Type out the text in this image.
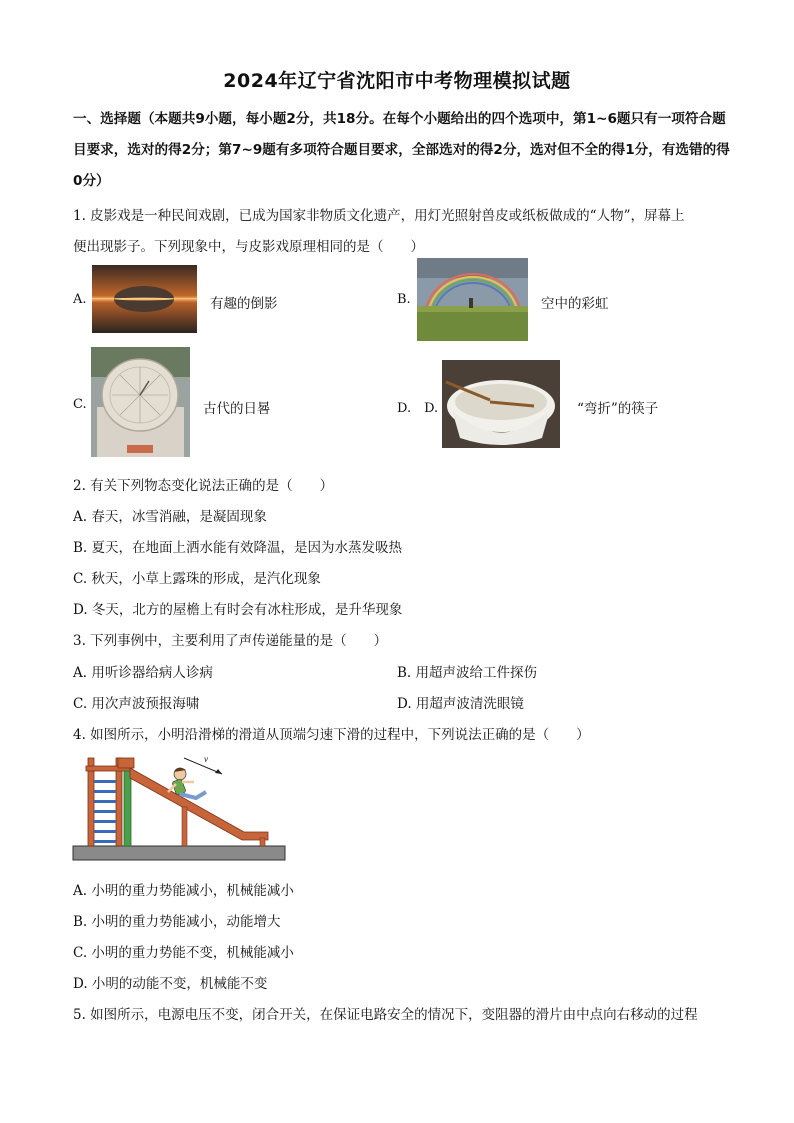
2024年辽宁省沈阳市中考物理模拟试题
一、选择题（本题共9小题，每小题2分，共18分。在每个小题给出的四个选项中，第1~6题只有一项符合题目要求，选对的得2分；第7~9题有多项符合题目要求，全部选对的得2分，选对但不全的得1分，有选错的得0分）
1. 皮影戏是一种民间戏剧，已成为国家非物质文化遗产，用灯光照射兽皮或纸板做成的“人物”，屏幕上
便出现影子。下列现象中，与皮影戏原理相同的是（　　）
A.	有趣的倒影	B.	空中的彩虹
C.	古代的日晷	D.　D.	“弯折”的筷子
2. 有关下列物态变化说法正确的是（　　）
A. 春天，冰雪消融，是凝固现象
B. 夏天，在地面上洒水能有效降温，是因为水蒸发吸热
C. 秋天，小草上露珠的形成，是汽化现象
D. 冬天，北方的屋檐上有时会有冰柱形成，是升华现象
3. 下列事例中，主要利用了声传递能量的是（　　）
A. 用听诊器给病人诊病	B. 用超声波给工件探伤
C. 用次声波预报海啸	D. 用超声波清洗眼镜
4. 如图所示，小明沿滑梯的滑道从顶端匀速下滑的过程中，下列说法正确的是（　　）
v
A. 小明的重力势能减小，机械能减小
B. 小明的重力势能减小，动能增大
C. 小明的重力势能不变，机械能减小
D. 小明的动能不变，机械能不变
5. 如图所示，电源电压不变，闭合开关，在保证电路安全的情况下，变阻器的滑片由中点向右移动的过程
